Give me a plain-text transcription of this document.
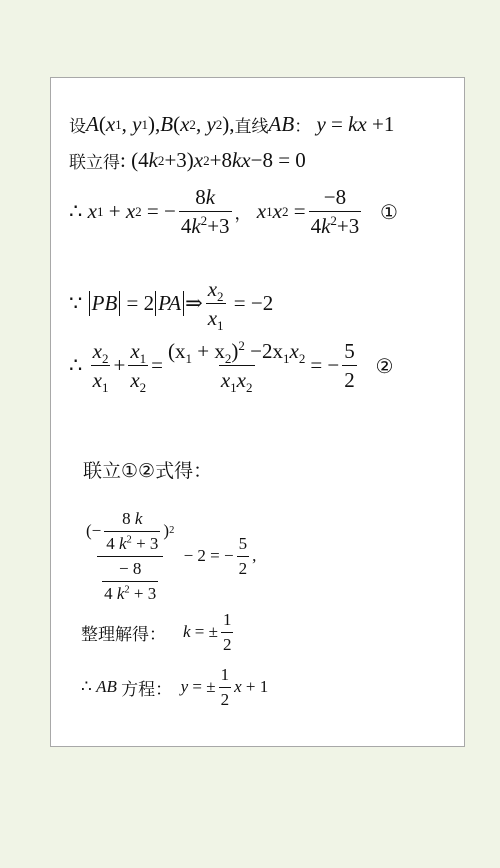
设 A ( x 1 , y 1 ), B ( x 2 , y 2 ), 直线 AB ：
y
=
kx
+1
联立得 :
(4 k 2 +3) x 2 +8 kx −8 = 0
∴
x 1
+
x 2
= − $\frac{8k}{4k^2+3}$ ，
x 1 x 2
= $\frac{-8}{4k^2+3}$
①
∵
PB
=
2 PA ⇒ $\frac{x_2}{x_1}$
= −2
∴
$\frac{x_2}{x_1} + \frac{x_1}{x_2} = \frac{(x_1 + x_2)^2 -2x_1x_2}{x_1x_2}$ = − $\frac{5}{2}$
②
联立①②式得：
(− $\frac{8 k}{4 k^2 + 3}$ ) 2
$\frac{- 8}{4 k^2 + 3}$

− 2 = − $\frac{5}{2}$ ,
整理解得：
k
= ± $\frac{1}{2}$
∴
AB
方程：
y
= ± $\frac{1}{2}$ x
+ 1
